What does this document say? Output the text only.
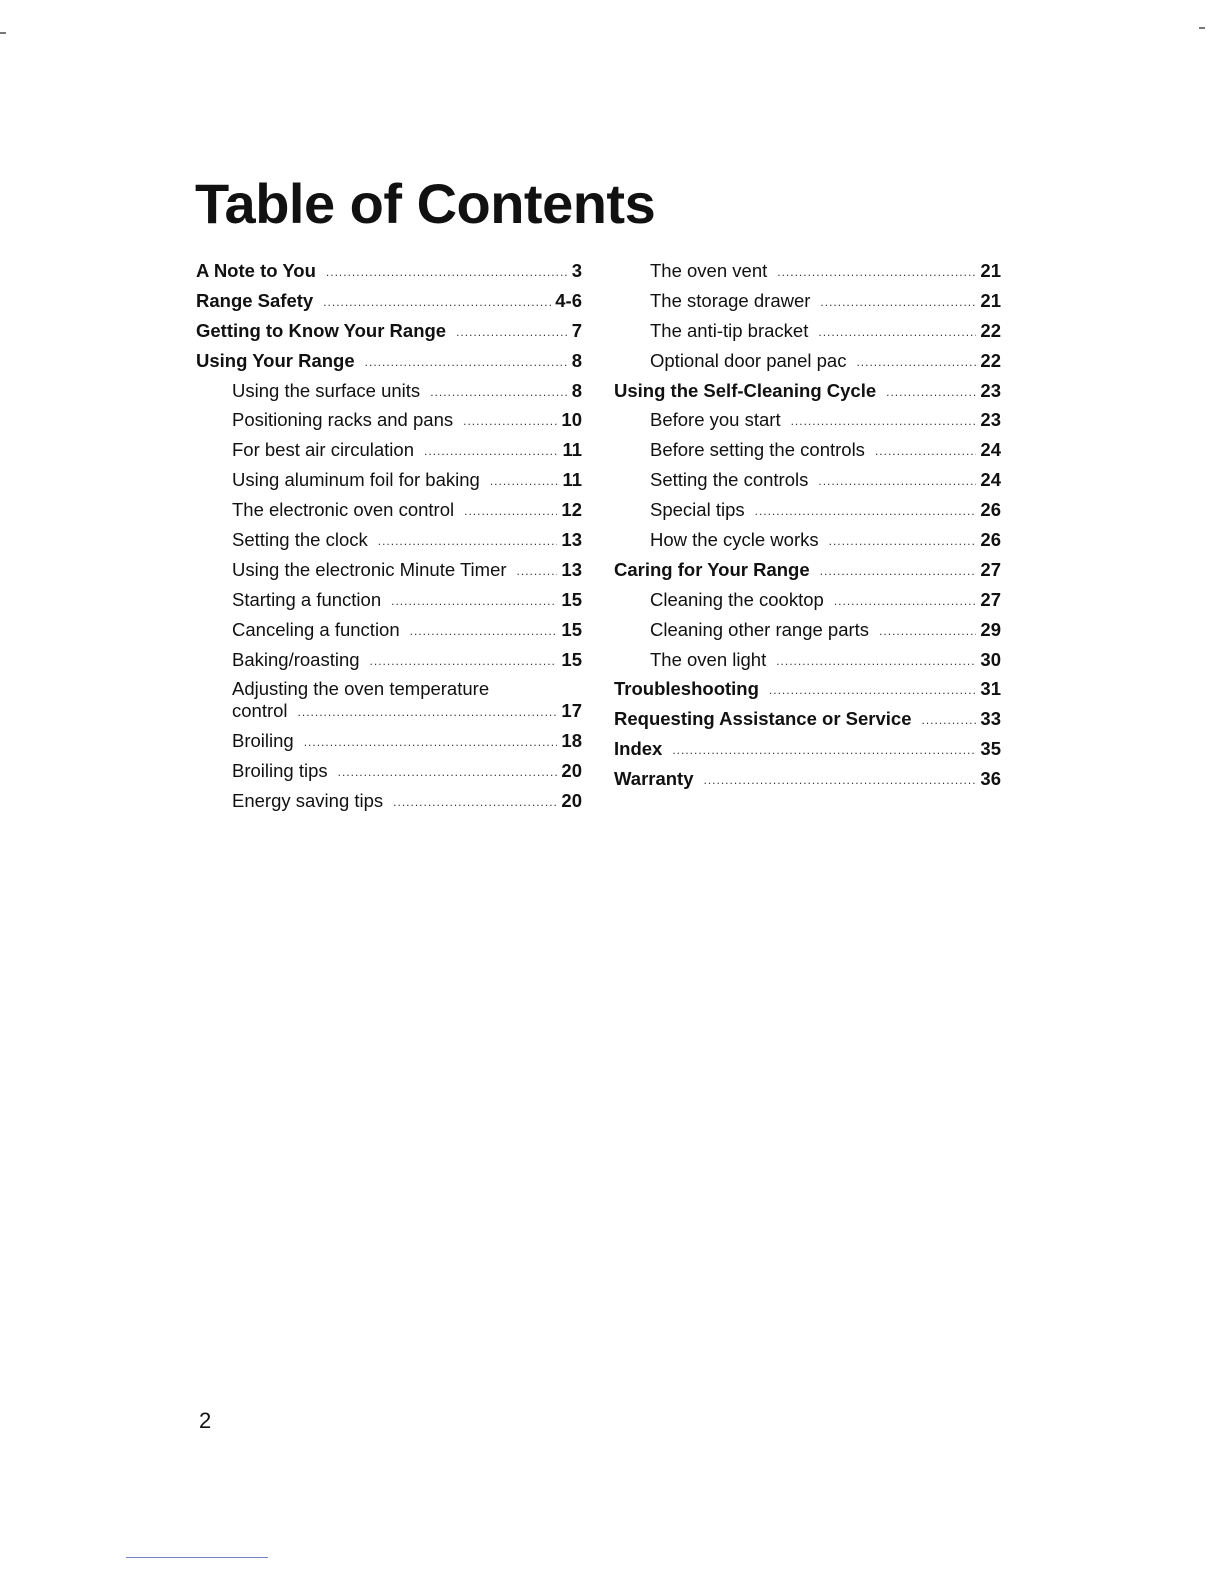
Table of Contents
A Note to You .....	3
Range Safety .....	4-6
Getting to Know Your Range .....	7
Using Your Range .....	8
Using the surface units .....	8
Positioning racks and pans .....	10
For best air circulation .....	11
Using aluminum foil for baking .....	11
The electronic oven control .....	12
Setting the clock .....	13
Using the electronic Minute Timer .....	13
Starting a function .....	15
Canceling a function .....	15
Baking/roasting .....	15
Adjusting the oven temperature
control .....	17
Broiling .....	18
Broiling tips .....	20
Energy saving tips .....	20
The oven vent .....	21
The storage drawer .....	21
The anti-tip bracket .....	22
Optional door panel pac .....	22
Using the Self-Cleaning Cycle .....	23
Before you start .....	23
Before setting the controls .....	24
Setting the controls .....	24
Special tips .....	26
How the cycle works .....	26
Caring for Your Range .....	27
Cleaning the cooktop .....	27
Cleaning other range parts .....	29
The oven light .....	30
Troubleshooting .....	31
Requesting Assistance or Service .....	33
Index .....	35
Warranty .....	36
2
